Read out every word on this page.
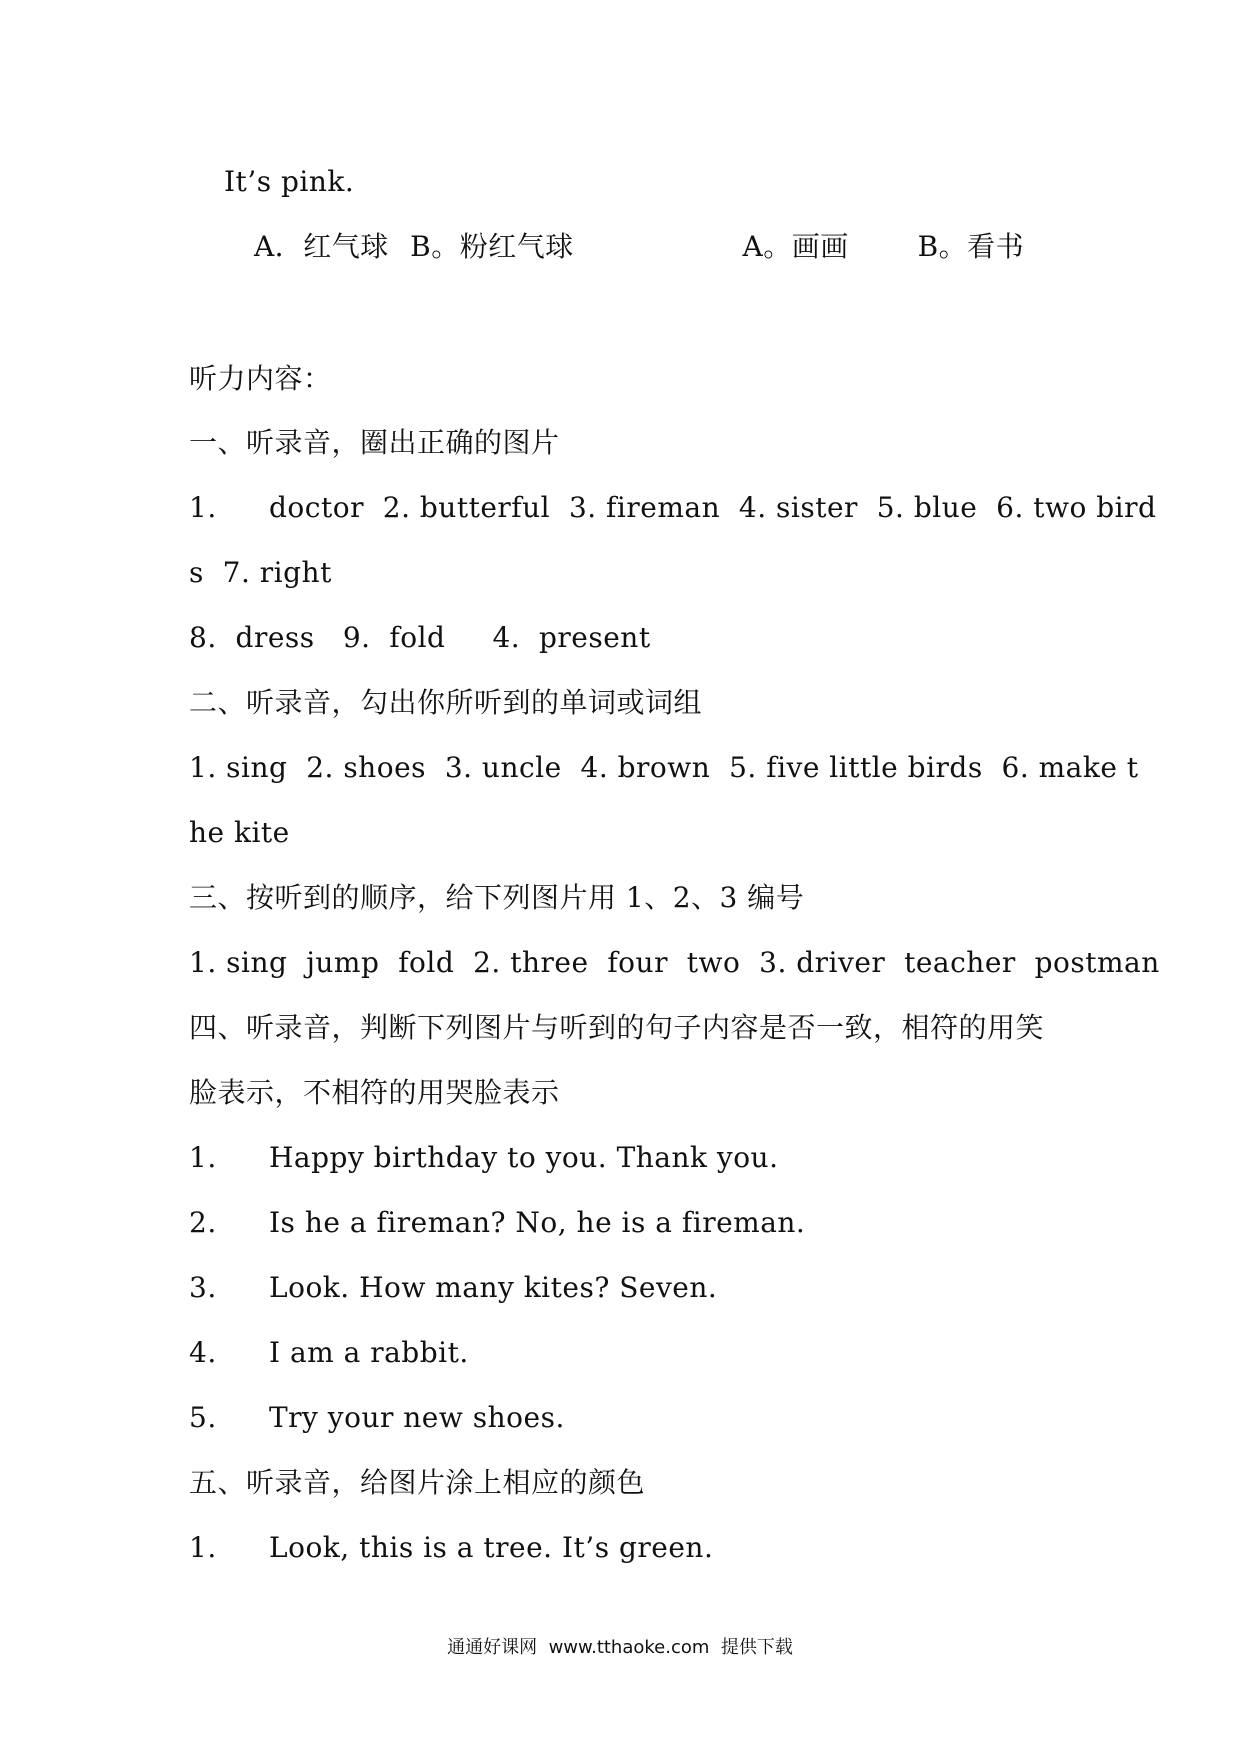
It’s pink.
A．红气球 B。粉红气球	A。画画 B。看书
听力内容：
一、听录音，圈出正确的图片
1. doctor  2. butterful  3. fireman  4. sister  5. blue  6. two bird
s  7. right
8.  dress   9.  fold     4.  present
二、听录音，勾出你所听到的单词或词组
1. sing  2. shoes  3. uncle  4. brown  5. five little birds  6. make t
he kite
三、按听到的顺序，给下列图片用 1、2、3 编号
1. sing  jump  fold  2. three  four  two  3. driver  teacher  postman
四、听录音，判断下列图片与听到的句子内容是否一致，相符的用笑
脸表示，不相符的用哭脸表示
1. Happy birthday to you. Thank you.
2. Is he a fireman? No, he is a fireman.
3. Look. How many kites? Seven.
4. I am a rabbit.
5. Try your new shoes.
五、听录音，给图片涂上相应的颜色
1. Look, this is a tree. It’s green.
通通好课网  www.tthaoke.com  提供下载
